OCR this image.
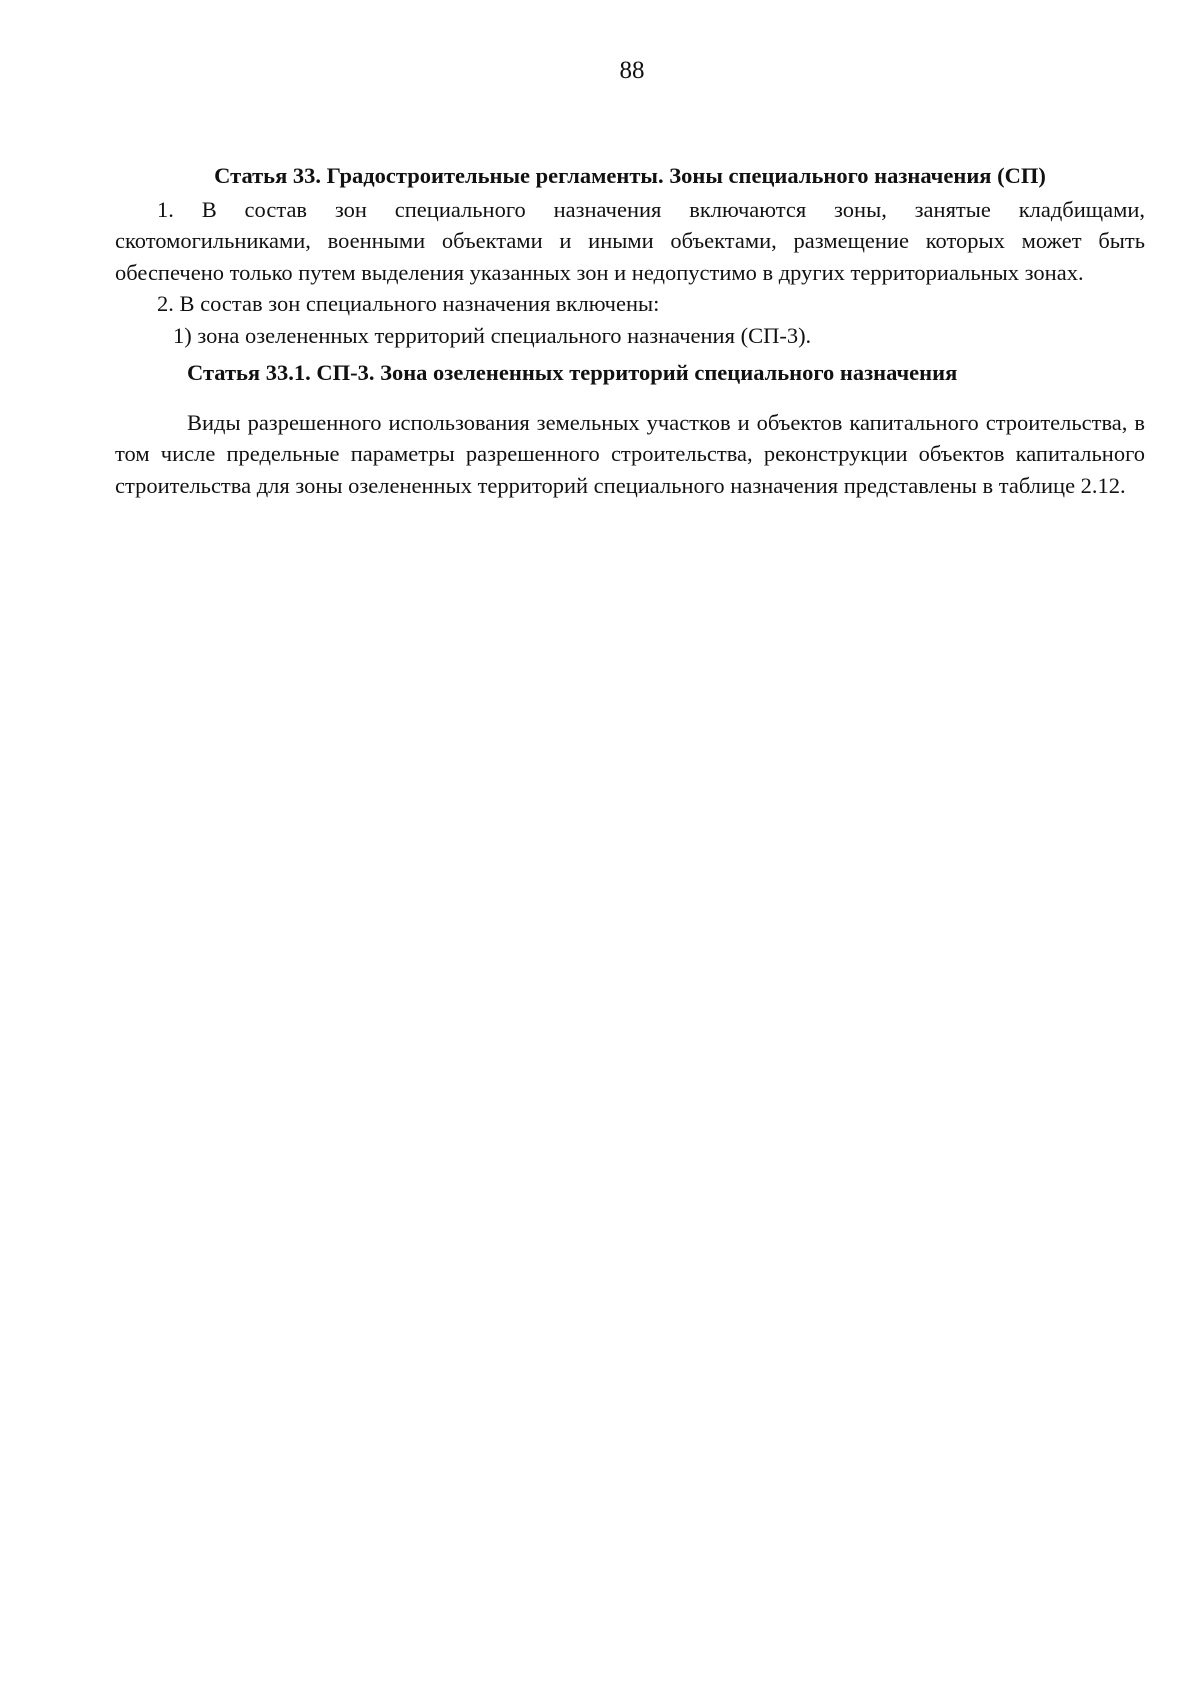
88
Статья 33. Градостроительные регламенты. Зоны специального назначения (СП)

1. В состав зон специального назначения включаются зоны, занятые кладбищами, скотомогильниками, военными объектами и иными объектами, размещение которых может быть обеспечено только путем выделения указанных зон и недопустимо в других территориальных зонах.

2. В состав зон специального назначения включены:

1) зона озелененных территорий специального назначения (СП-3).

Статья 33.1. СП-3. Зона озелененных территорий специального назначения

Виды разрешенного использования земельных участков и объектов капитального строительства, в том числе предельные параметры разрешенного строительства, реконструкции объектов капитального строительства для зоны озелененных территорий специального назначения представлены в таблице 2.12.
